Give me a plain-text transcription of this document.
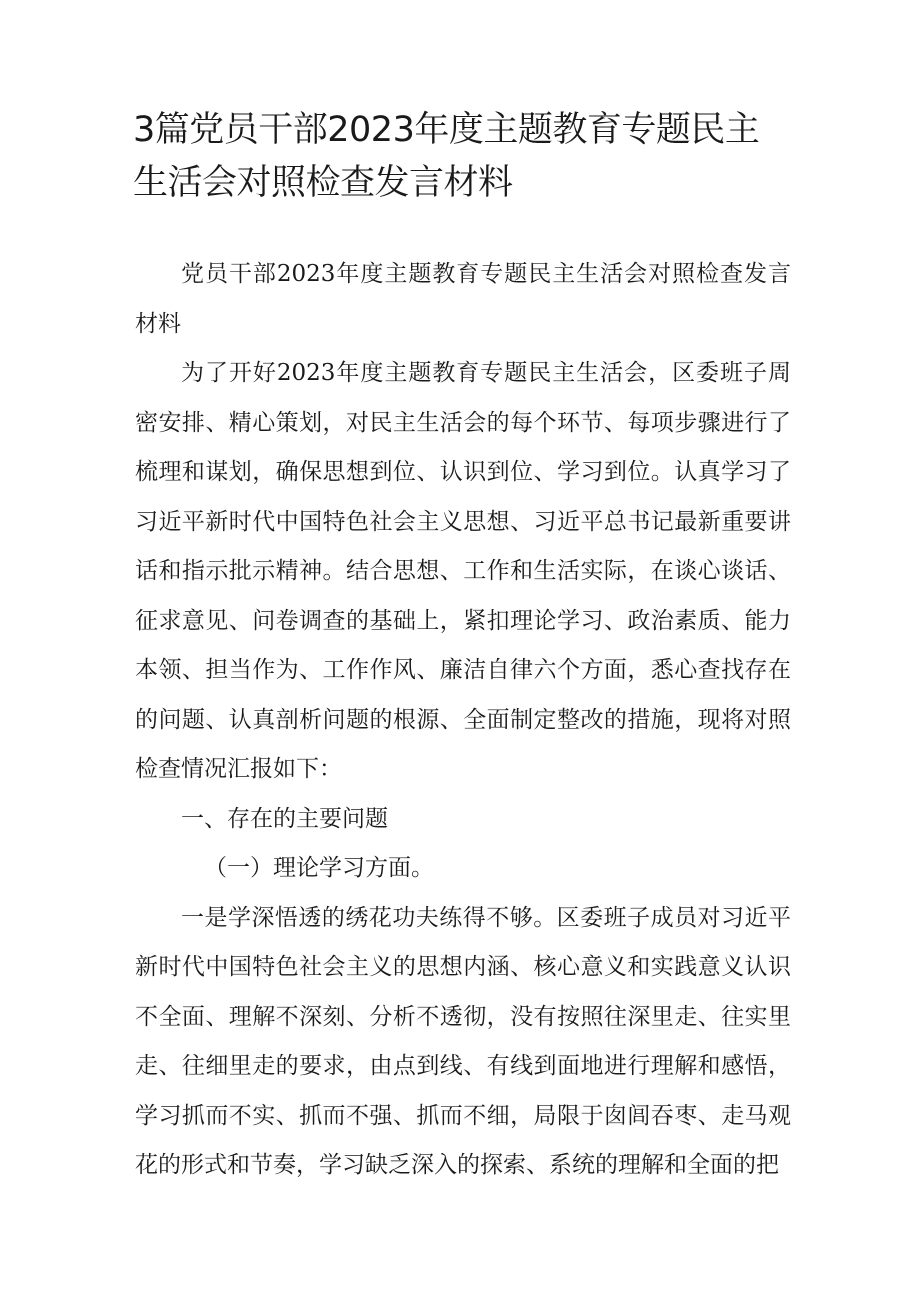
3篇党员干部2023年度主题教育专题民主生活会对照检查发言材料

党员干部2023年度主题教育专题民主生活会对照检查发言材料

为了开好2023年度主题教育专题民主生活会，区委班子周密安排、精心策划，对民主生活会的每个环节、每项步骤进行了梳理和谋划，确保思想到位、认识到位、学习到位。认真学习了习近平新时代中国特色社会主义思想、习近平总书记最新重要讲话和指示批示精神。结合思想、工作和生活实际，在谈心谈话、征求意见、问卷调查的基础上，紧扣理论学习、政治素质、能力本领、担当作为、工作作风、廉洁自律六个方面，悉心查找存在的问题、认真剖析问题的根源、全面制定整改的措施，现将对照检查情况汇报如下：

一、存在的主要问题

（一）理论学习方面。

一是学深悟透的绣花功夫练得不够。区委班子成员对习近平新时代中国特色社会主义的思想内涵、核心意义和实践意义认识不全面、理解不深刻、分析不透彻，没有按照往深里走、往实里走、往细里走的要求，由点到线、有线到面地进行理解和感悟，学习抓而不实、抓而不强、抓而不细，局限于囱闾吞枣、走马观花的形式和节奏，学习缺乏深入的探索、系统的理解和全面的把
